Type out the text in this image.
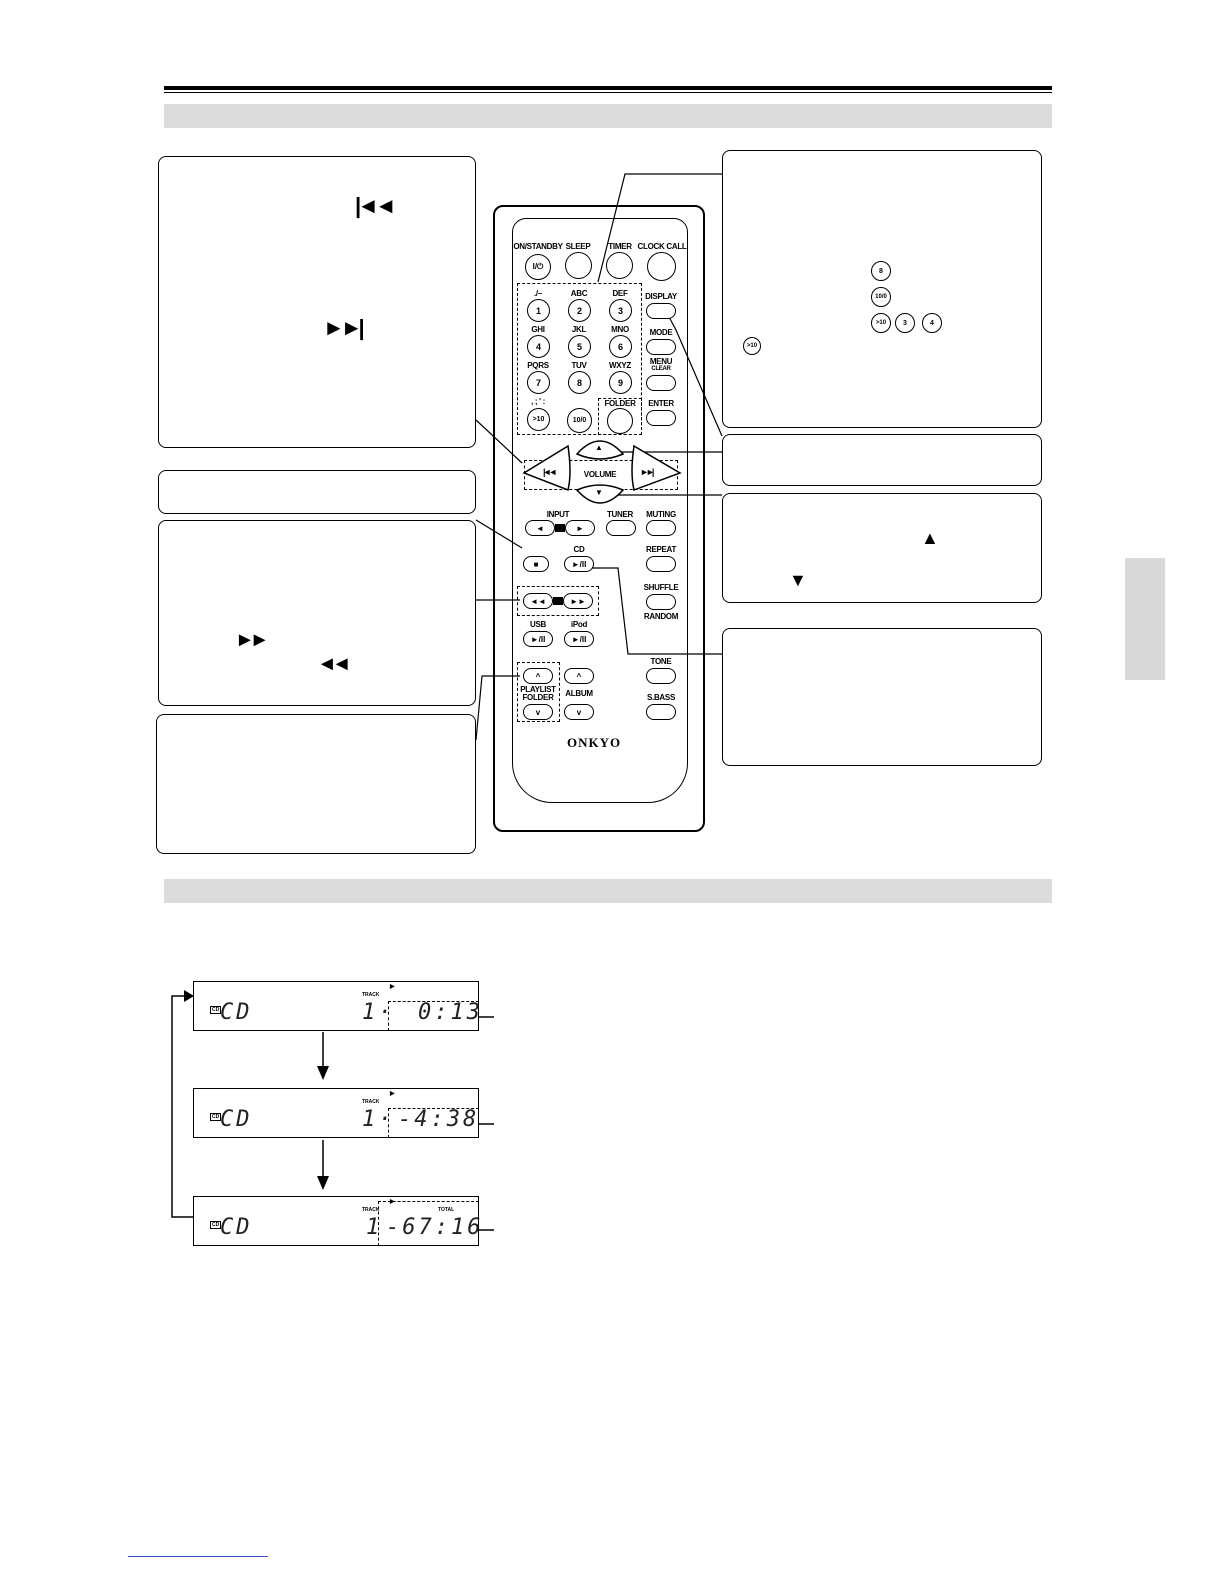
|◄◄
►►|
►►
◄◄
8
10/0
>10	3	4
>10
▲
▼
ON/STANDBY SLEEP TIMER CLOCK CALL
I/⏻
./–	ABC	DEF
1	2	3
GHI	JKL	MNO
4	5	6
PQRS	TUV	WXYZ
7	8	9
, ; ' :
>10	10/0
FOLDER
DISPLAY
MODE
MENU
CLEAR
ENTER
|◄◄	►►|
▲
▼
VOLUME
INPUT
◄	►
TUNER MUTING
■
CD
►/II
REPEAT
◄◄	►►
SHUFFLE
RANDOM
USB
►/II
iPod
►/II
TONE
^
PLAYLIST
FOLDER
v
^
ALBUM
v
S.BASS
ONKYO
CD CD
TRACK
▶
1· 0:13
CD CD
TRACK
▶
1· -4:38
CD CD
TRACK
▶
TOTAL
1 -67:16
